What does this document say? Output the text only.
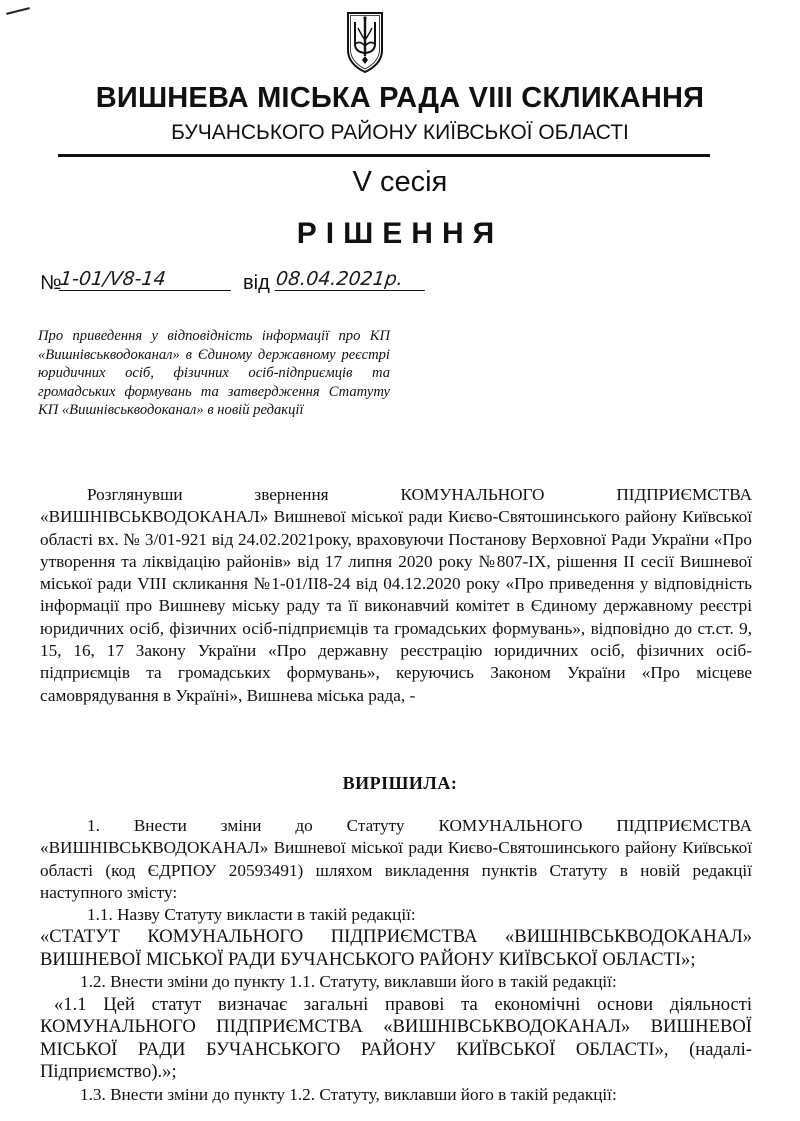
ВИШНЕВА МІСЬКА РАДА VIII СКЛИКАННЯ
БУЧАНСЬКОГО РАЙОНУ КИЇВСЬКОЇ ОБЛАСТІ
V сесія
РІШЕННЯ
№
1-01/V8-14	від 08.04.2021р.
Про приведення у відповідність інформації про КП «Вишнівськводоканал» в Єдиному державному реєстрі юридичних осіб, фізичних осіб-підприємців та громадських формувань та затвердження Статуту КП «Вишнівськводоканал» в новій редакції

Розглянувши звернення КОМУНАЛЬНОГО ПІДПРИЄМСТВА «ВИШНІВСЬКВОДОКАНАЛ» Вишневої міської ради Києво-Святошинського району Київської області вх. № 3/01-921 від 24.02.2021року, враховуючи Постанову Верховної Ради України «Про утворення та ліквідацію районів» від 17 липня 2020 року №807-IX, рішення ІІ сесії Вишневої міської ради VIII скликання №1-01/II8-24 від 04.12.2020 року «Про приведення у відповідність інформації про Вишневу міську раду та її виконавчий комітет в Єдиному державному реєстрі юридичних осіб, фізичних осіб-підприємців та громадських формувань», відповідно до ст.ст. 9, 15, 16, 17 Закону України «Про державну реєстрацію юридичних осіб, фізичних осіб-підприємців та громадських формувань», керуючись Законом України «Про місцеве самоврядування в Україні», Вишнева міська рада, -

ВИРІШИЛА:

1. Внести зміни до Статуту КОМУНАЛЬНОГО ПІДПРИЄМСТВА «ВИШНІВСЬКВОДОКАНАЛ» Вишневої міської ради Києво-Святошинського району Київської області (код ЄДРПОУ 20593491) шляхом викладення пунктів Статуту в новій редакції наступного змісту:

1.1. Назву Статуту викласти в такій редакції:

«СТАТУТ КОМУНАЛЬНОГО ПІДПРИЄМСТВА «ВИШНІВСЬКВОДОКАНАЛ» ВИШНЕВОЇ МІСЬКОЇ РАДИ БУЧАНСЬКОГО РАЙОНУ КИЇВСЬКОЇ ОБЛАСТІ»;

1.2. Внести зміни до пункту 1.1. Статуту, виклавши його в такій редакції:

«1.1 Цей статут визначає загальні правові та економічні основи діяльності КОМУНАЛЬНОГО ПІДПРИЄМСТВА «ВИШНІВСЬКВОДОКАНАЛ» ВИШНЕВОЇ МІСЬКОЇ РАДИ БУЧАНСЬКОГО РАЙОНУ КИЇВСЬКОЇ ОБЛАСТІ», (надалі-Підприємство).»;

1.3. Внести зміни до пункту 1.2. Статуту, виклавши його в такій редакції:
